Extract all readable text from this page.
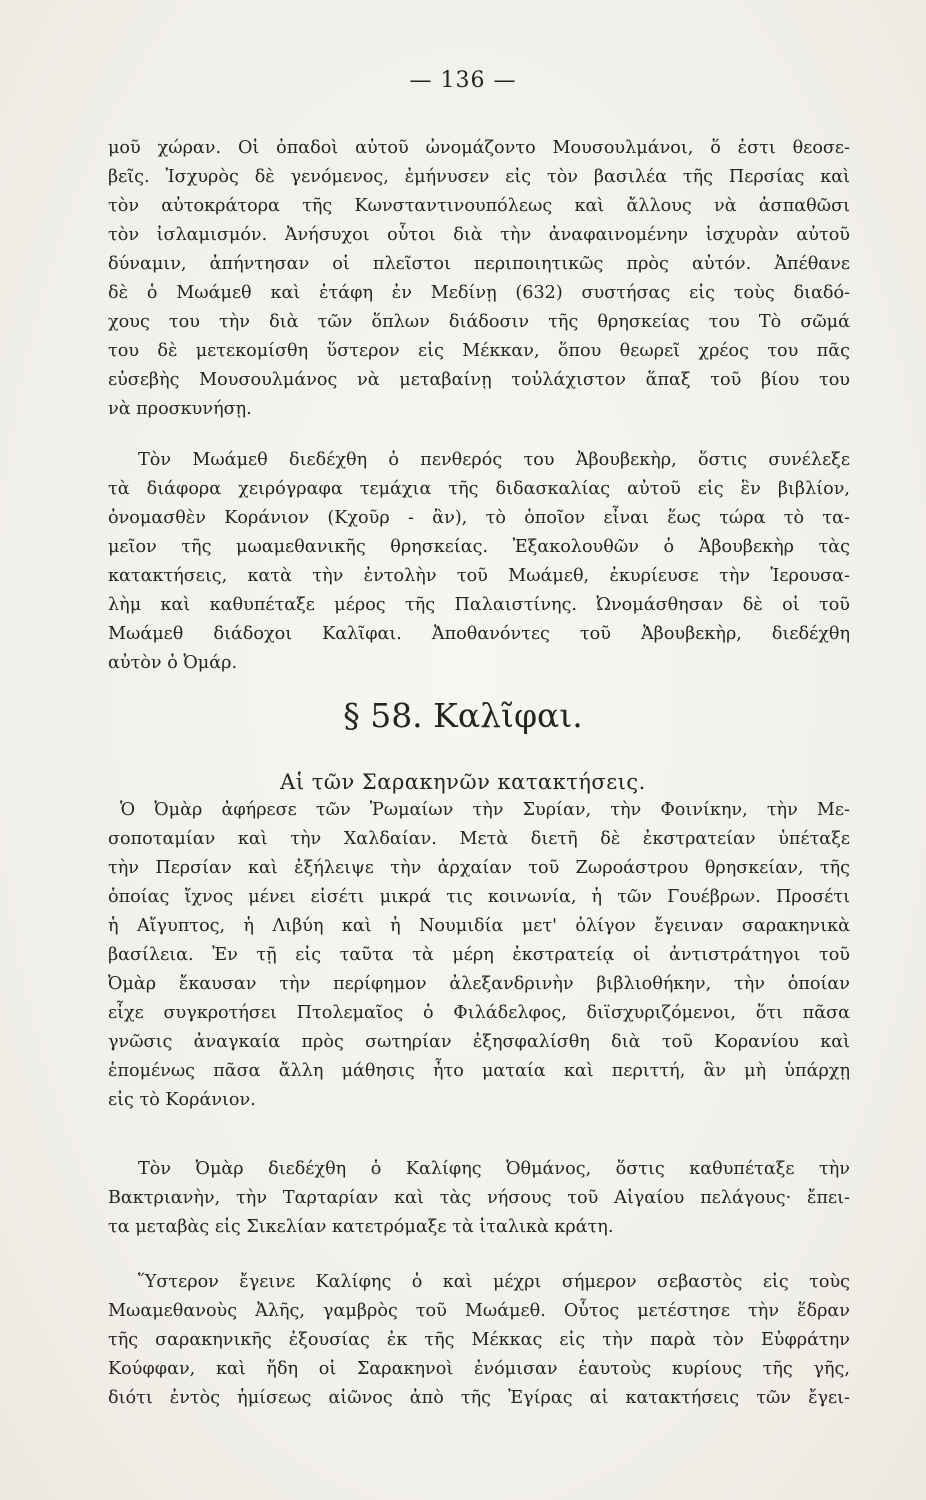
— 136 —
μοῦ χώραν. Οἱ ὀπαδοὶ αὐτοῦ ὠνομάζοντο Μουσουλμάνοι, ὅ ἐστι θεοσε-
βεῖς. Ἰσχυρὸς δὲ γενόμενος, ἐμήνυσεν εἰς τὸν βασιλέα τῆς Περσίας καὶ
τὸν αὐτοκράτορα τῆς Κωνσταντινουπόλεως καὶ ἄλλους νὰ ἀσπαθῶσι
τὸν ἰσλαμισμόν. Ἀνήσυχοι οὗτοι διὰ τὴν ἀναφαινομένην ἰσχυρὰν αὐτοῦ
δύναμιν, ἀπήντησαν οἱ πλεῖστοι περιποιητικῶς πρὸς αὐτόν. Ἀπέθανε
δὲ ὁ Μωάμεθ καὶ ἐτάφη ἐν Μεδίνῃ (632) συστήσας εἰς τοὺς διαδό-
χους του τὴν διὰ τῶν ὅπλων διάδοσιν τῆς θρησκείας του Τὸ σῶμά
του δὲ μετεκομίσθη ὕστερον εἰς Μέκκαν, ὅπου θεωρεῖ χρέος του πᾶς
εὐσεβὴς Μουσουλμάνος νὰ μεταβαίνῃ τοὐλάχιστον ἅπαξ τοῦ βίου του
νὰ προσκυνήσῃ.
Τὸν Μωάμεθ διεδέχθη ὁ πενθερός του Ἀβουβεκὴρ, ὅστις συνέλεξε
τὰ διάφορα χειρόγραφα τεμάχια τῆς διδασκαλίας αὐτοῦ εἰς ἓν βιβλίον,
ὀνομασθὲν Κοράνιον (Κχοῦρ - ἂν), τὸ ὁποῖον εἶναι ἕως τώρα τὸ τα-
μεῖον τῆς μωαμεθανικῆς θρησκείας. Ἐξακολουθῶν ὁ Ἀβουβεκὴρ τὰς
κατακτήσεις, κατὰ τὴν ἐντολὴν τοῦ Μωάμεθ, ἐκυρίευσε τὴν Ἱερουσα-
λὴμ καὶ καθυπέταξε μέρος τῆς Παλαιστίνης. Ὠνομάσθησαν δὲ οἱ τοῦ
Μωάμεθ διάδοχοι Καλῖφαι. Ἀποθανόντες τοῦ Ἀβουβεκὴρ, διεδέχθη
αὐτὸν ὁ Ὀμάρ.
§ 58. Καλῖφαι.
Αἱ τῶν Σαρακηνῶν κατακτήσεις.
Ὁ Ὀμὰρ ἀφήρεσε τῶν Ῥωμαίων τὴν Συρίαν, τὴν Φοινίκην, τὴν Με-
σοποταμίαν καὶ τὴν Χαλδαίαν. Μετὰ διετῆ δὲ ἐκστρατείαν ὑπέταξε
τὴν Περσίαν καὶ ἐξήλειψε τὴν ἀρχαίαν τοῦ Ζωροάστρου θρησκείαν, τῆς
ὁποίας ἴχνος μένει εἰσέτι μικρά τις κοινωνία, ἡ τῶν Γουέβρων. Προσέτι
ἡ Αἴγυπτος, ἡ Λιβύη καὶ ἡ Νουμιδία μετ' ὀλίγον ἔγειναν σαρακηνικὰ
βασίλεια. Ἐν τῇ εἰς ταῦτα τὰ μέρη ἐκστρατείᾳ οἱ ἀντιστράτηγοι τοῦ
Ὀμὰρ ἔκαυσαν τὴν περίφημον ἀλεξανδρινὴν βιβλιοθήκην, τὴν ὁποίαν
εἶχε συγκροτήσει Πτολεμαῖος ὁ Φιλάδελφος, διϊσχυριζόμενοι, ὅτι πᾶσα
γνῶσις ἀναγκαία πρὸς σωτηρίαν ἐξησφαλίσθη διὰ τοῦ Κορανίου καὶ
ἑπομένως πᾶσα ἄλλη μάθησις ἦτο ματαία καὶ περιττή, ἂν μὴ ὑπάρχῃ
εἰς τὸ Κοράνιον.
Τὸν Ὀμὰρ διεδέχθη ὁ Καλίφης Ὀθμάνος, ὅστις καθυπέταξε τὴν
Βακτριανὴν, τὴν Ταρταρίαν καὶ τὰς νήσους τοῦ Αἰγαίου πελάγους· ἔπει-
τα μεταβὰς εἰς Σικελίαν κατετρόμαξε τὰ ἰταλικὰ κράτη.
Ὕστερον ἔγεινε Καλίφης ὁ καὶ μέχρι σήμερον σεβαστὸς εἰς τοὺς
Μωαμεθανοὺς Ἀλῆς, γαμβρὸς τοῦ Μωάμεθ. Οὗτος μετέστησε τὴν ἕδραν
τῆς σαρακηνικῆς ἐξουσίας ἐκ τῆς Μέκκας εἰς τὴν παρὰ τὸν Εὐφράτην
Κούφφαν, καὶ ἤδη οἱ Σαρακηνοὶ ἐνόμισαν ἑαυτοὺς κυρίους τῆς γῆς,
διότι ἐντὸς ἡμίσεως αἰῶνος ἀπὸ τῆς Ἐγίρας αἱ κατακτήσεις τῶν ἔγει-
